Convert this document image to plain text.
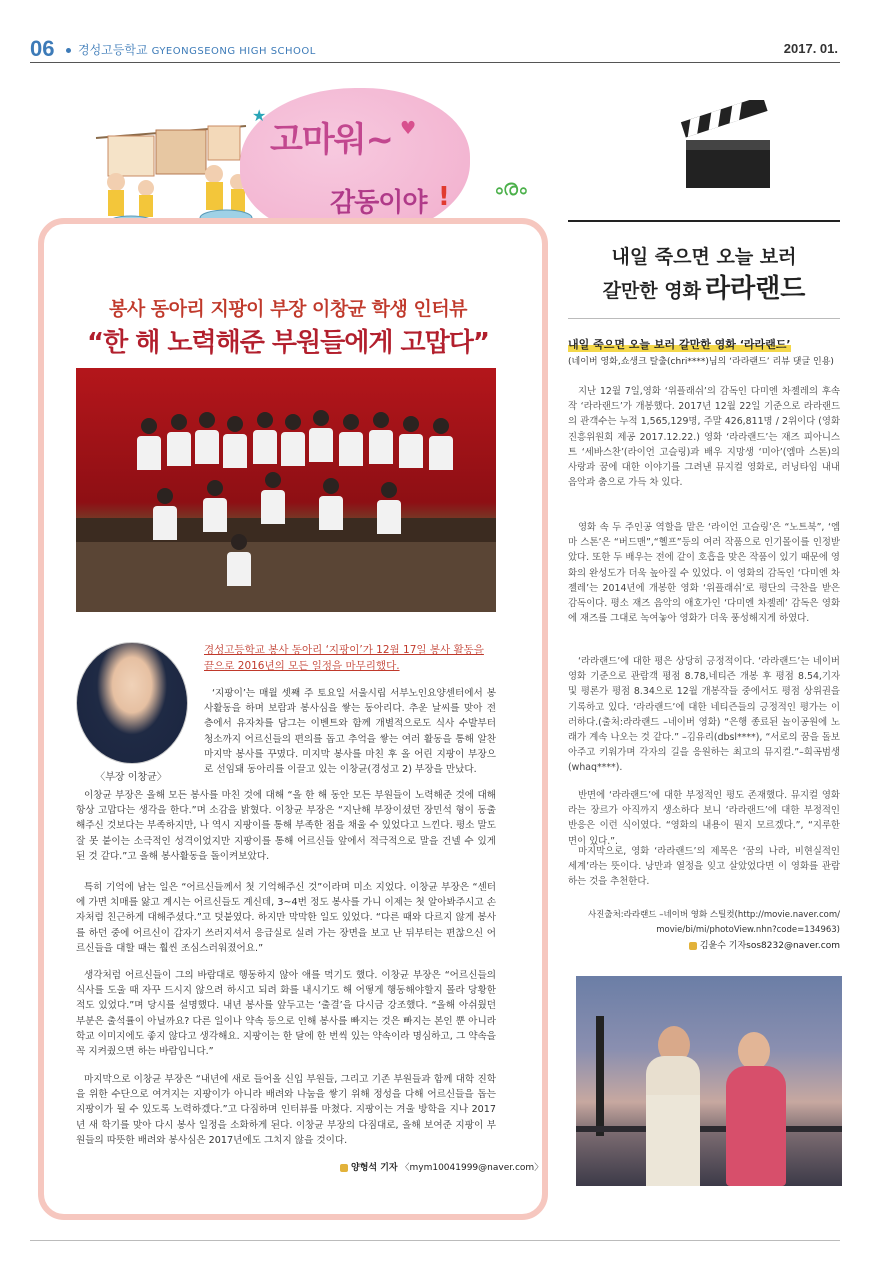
06 경성고등학교 GYEONGSEONG HIGH SCHOOL	2017. 01.
★
고마워~ ♥
감동이야 ! ൟ
봉사 동아리 지팡이 부장 이창균 학생 인터뷰
“한 해 노력해준 부원들에게 고맙다”
〈부장 이창균〉
경성고등학교 봉사 동아리 ‘지팡이’가 12월 17일 봉사 활동을 끝으로 2016년의 모든 일정을 마무리했다.
‘지팡이’는 매월 셋째 주 토요일 서울시립 서부노인요양센터에서 봉사활동을 하며 보람과 봉사심을 쌓는 동아리다. 추운 날씨를 맞아 전 층에서 유자차를 담그는 이벤트와 함께 개별적으로도 식사 수발부터 청소까지 어르신들의 편의를 돕고 추억을 쌓는 여러 활동을 통해 알찬 마지막 봉사를 꾸몄다. 미지막 봉사를 마친 후 올 어린 지팡이 부장으로 선임돼 동아리를 이끌고 있는 이창균(경성고 2) 부장을 만났다.
이창균 부장은 올해 모든 봉사를 마친 것에 대해 “올 한 해 동안 모든 부원들이 노력해준 것에 대해 항상 고맙다는 생각을 한다.”며 소감을 밝혔다. 이창균 부장은 “지난해 부장이셨던 장민석 형이 동출해주신 것보다는 부족하지만, 나 역시 지팡이를 통해 부족한 점을 채울 수 있었다고 느낀다. 평소 말도 잘 못 붙이는 소극적인 성격이었지만 지팡이를 통해 어르신들 앞에서 적극적으로 말을 건넬 수 있게 된 것 같다.”고 올해 봉사활동을 돌이켜보았다.
특히 기억에 남는 일은 “어르신들께서 첫 기억해주신 것”이라며 미소 지었다. 이창균 부장은 “센터에 가면 치매를 앓고 계시는 어르신들도 계신데, 3~4번 정도 봉사를 가니 이제는 첫 알아봐주시고 손자처럼 친근하게 대해주셨다.”고 덧붙였다. 하지만 막막한 일도 있었다. “다른 때와 다르지 않게 봉사를 하던 중에 어르신이 갑자기 쓰러지셔서 응급실로 실려 가는 장면을 보고 난 뒤부터는 편찮으신 어르신들을 대할 때는 훨씬 조심스러워졌어요.”
생각처럼 어르신들이 그의 바람대로 행동하지 않아 애를 먹기도 했다. 이창균 부장은 “어르신들의 식사를 도울 때 자꾸 드시지 않으려 하시고 되려 화를 내시기도 해 어떻게 행동해야할지 몰라 당황한 적도 있었다.”며 당시를 설명했다. 내년 봉사를 앞두고는 ‘출결’을 다시금 강조했다. “올해 아쉬웠던 부분은 출석률이 아닐까요? 다른 일이나 약속 등으로 인해 봉사를 빠지는 것은 빠지는 본인 뿐 아니라 학교 이미지에도 좋지 않다고 생각해요. 지팡이는 한 달에 한 번씩 있는 약속이라 명심하고, 그 약속을 꼭 지켜줬으면 하는 바람입니다.”
마지막으로 이창균 부장은 “내년에 새로 들어올 신입 부원들, 그리고 기존 부원들과 함께 대학 진학을 위한 수단으로 여겨지는 지팡이가 아니라 배려와 나눔을 쌓기 위해 정성을 다해 어르신들을 돕는 지팡이가 될 수 있도록 노력하겠다.”고 다짐하며 인터뷰를 마쳤다. 지팡이는 겨울 방학을 지나 2017년 새 학기를 맞아 다시 봉사 일정을 소화하게 된다. 이창균 부장의 다짐대로, 올해 보여준 지팡이 부원들의 따뜻한 배려와 봉사심은 2017년에도 그치지 않을 것이다.
양형석 기자 〈mym10041999@naver.com〉
내일 죽으면 오늘 보러
갈만한 영화 라라랜드
내일 죽으면 오늘 보러 갈만한 영화 ‘라라랜드’
(네이버 영화,쇼생크 탈출(chri****)님의 ‘라라랜드’ 리뷰 댓글 인용)
지난 12월 7일,영화 ‘위플래쉬’의 감독인 다미엔 차젤레의 후속작 ‘라라랜드’가 개봉했다. 2017년 12월 22일 기준으로 라라랜드의 관객수는 누적 1,565,129명, 주말 426,811명 / 2위이다 (영화진흥위원회 제공 2017.12.22.) 영화 ‘라라랜드’는 재즈 피아니스트 ‘세바스찬’(라이언 고슬링)과 배우 지망생 ‘미아’(엠마 스톤)의 사랑과 꿈에 대한 이야기를 그려낸 뮤지컬 영화로, 러닝타임 내내 음악과 춤으로 가득 차 있다.
영화 속 두 주인공 역할을 맡은 ‘라이언 고슬링’은 “노트북”, ‘엠마 스톤’은 “버드맨”,“헬프”등의 여러 작품으로 인기몰이를 인정받았다. 또한 두 배우는 전에 같이 호흡을 맞은 작품이 있기 때문에 영화의 완성도가 더욱 높아질 수 있었다. 이 영화의 감독인 ‘다미엔 차젤레’는 2014년에 개봉한 영화 ‘위플래쉬’로 평단의 극찬을 받은 감독이다. 평소 재즈 음악의 애호가인 ‘다미엔 차젤레’ 감독은 영화에 재즈를 그대로 녹여놓아 영화가 더욱 풍성해지게 하였다.
‘라라랜드’에 대한 평은 상당히 긍정적이다. ‘라라랜드’는 네이버 영화 기준으로 관람객 평점 8.78,네티즌 개봉 후 평점 8.54,기자 및 평론가 평점 8.34으로 12월 개봉작들 중에서도 평점 상위권을 기록하고 있다. ‘라라랜드’에 대한 네티즌들의 긍정적인 평가는 이러하다.(출처:라라랜드 –네이버 영화) “은행 종료된 놀이공원에 노래가 계속 나오는 것 같다.” –김유리(dbsl****), “서로의 꿈을 돌보아주고 키워가며 각자의 길을 응원하는 최고의 뮤지컬.”–희곡범생(whaq****).
반면에 ‘라라랜드’에 대한 부정적인 평도 존재했다. 뮤지컬 영화라는 장르가 아직까지 생소하다 보니 ‘라라랜드’에 대한 부정적인 반응은 이런 식이였다. “영화의 내용이 뭔지 모르겠다.”, “지루한 면이 있다.”.
마지막으로, 영화 ‘라라랜드’의 제목은 ‘꿈의 나라, 비현실적인 세계’라는 뜻이다. 낭만과 열정을 잊고 살았었다면 이 영화를 관람하는 것을 추천한다.
사진출처:라라랜드 –네이버 영화 스틸컷(http://movie.naver.com/
movie/bi/mi/photoView.nhn?code=134963)
김윤수 기자sos8232@naver.com
